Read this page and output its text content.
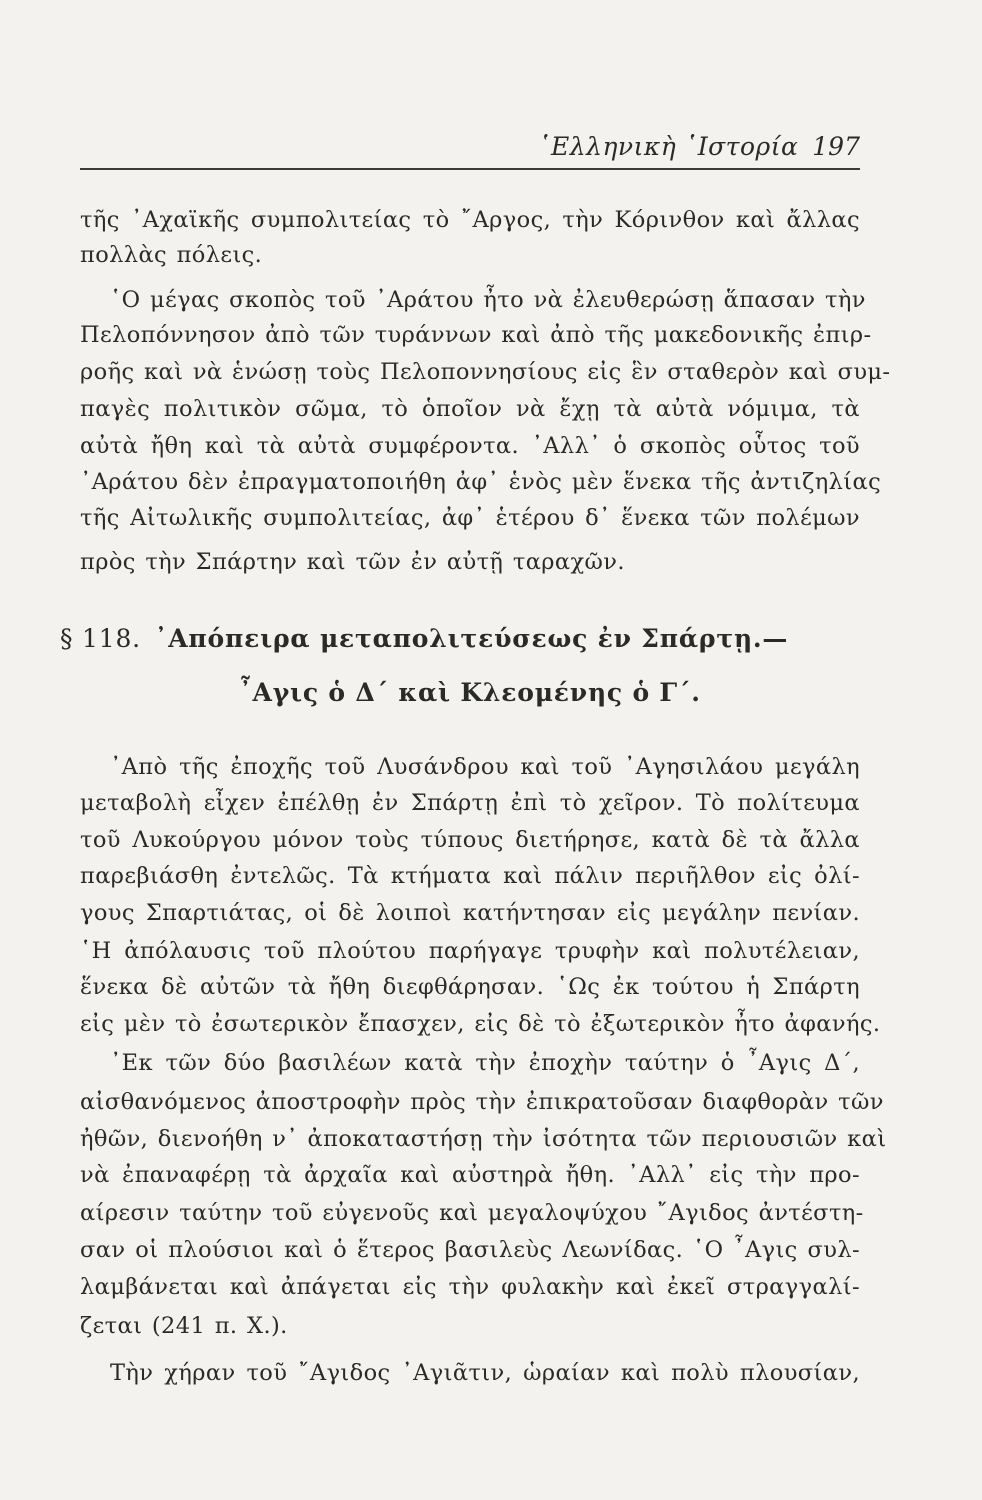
῾Ελληνικὴ ῾Ιστορία 197
τῆς ᾿Αχαϊκῆς συμπολιτείας τὸ ῎Αργος, τὴν Κόρινθον καὶ ἄλλας
πολλὰς πόλεις.
῾Ο μέγας σκοπὸς τοῦ ᾿Αράτου ἦτο νὰ ἐλευθερώσῃ ἅπασαν τὴν
Πελοπόννησον ἀπὸ τῶν τυράννων καὶ ἀπὸ τῆς μακεδονικῆς ἐπιρ-
ροῆς καὶ νὰ ἑνώσῃ τοὺς Πελοποννησίους εἰς ἓν σταθερὸν καὶ συμ-
παγὲς πολιτικὸν σῶμα, τὸ ὁποῖον νὰ ἔχῃ τὰ αὐτὰ νόμιμα, τὰ
αὐτὰ ἤθη καὶ τὰ αὐτὰ συμφέροντα. ᾿Αλλ᾿ ὁ σκοπὸς οὗτος τοῦ
᾿Αράτου δὲν ἐπραγματοποιήθη ἀφ᾿ ἑνὸς μὲν ἕνεκα τῆς ἀντιζηλίας
τῆς Αἰτωλικῆς συμπολιτείας, ἀφ᾿ ἑτέρου δ᾿ ἕνεκα τῶν πολέμων
πρὸς τὴν Σπάρτην καὶ τῶν ἐν αὐτῇ ταραχῶν.
§ 118. ᾿Απόπειρα μεταπολιτεύσεως ἐν Σπάρτῃ.—
῏Αγις ὁ Δ΄ καὶ Κλεομένης ὁ Γ΄.
᾿Απὸ τῆς ἐποχῆς τοῦ Λυσάνδρου καὶ τοῦ ᾿Αγησιλάου μεγάλη
μεταβολὴ εἶχεν ἐπέλθῃ ἐν Σπάρτῃ ἐπὶ τὸ χεῖρον. Τὸ πολίτευμα
τοῦ Λυκούργου μόνον τοὺς τύπους διετήρησε, κατὰ δὲ τὰ ἄλλα
παρεβιάσθη ἐντελῶς. Τὰ κτήματα καὶ πάλιν περιῆλθον εἰς ὀλί-
γους Σπαρτιάτας, οἱ δὲ λοιποὶ κατήντησαν εἰς μεγάλην πενίαν.
῾Η ἀπόλαυσις τοῦ πλούτου παρήγαγε τρυφὴν καὶ πολυτέλειαν,
ἕνεκα δὲ αὐτῶν τὰ ἤθη διεφθάρησαν. ῾Ως ἐκ τούτου ἡ Σπάρτη
εἰς μὲν τὸ ἐσωτερικὸν ἔπασχεν, εἰς δὲ τὸ ἐξωτερικὸν ἦτο ἀφανής.
᾿Εκ τῶν δύο βασιλέων κατὰ τὴν ἐποχὴν ταύτην ὁ ῏Αγις Δ΄,
αἰσθανόμενος ἀποστροφὴν πρὸς τὴν ἐπικρατοῦσαν διαφθορὰν τῶν
ἠθῶν, διενοήθη ν᾿ ἀποκαταστήσῃ τὴν ἰσότητα τῶν περιουσιῶν καὶ
νὰ ἐπαναφέρῃ τὰ ἀρχαῖα καὶ αὐστηρὰ ἤθη. ᾿Αλλ᾿ εἰς τὴν προ-
αίρεσιν ταύτην τοῦ εὐγενοῦς καὶ μεγαλοψύχου ῎Αγιδος ἀντέστη-
σαν οἱ πλούσιοι καὶ ὁ ἕτερος βασιλεὺς Λεωνίδας. ῾Ο ῏Αγις συλ-
λαμβάνεται καὶ ἀπάγεται εἰς τὴν φυλακὴν καὶ ἐκεῖ στραγγαλί-
ζεται (241 π. Χ.).
Τὴν χήραν τοῦ ῎Αγιδος ᾿Αγιᾶτιν, ὡραίαν καὶ πολὺ πλουσίαν,
